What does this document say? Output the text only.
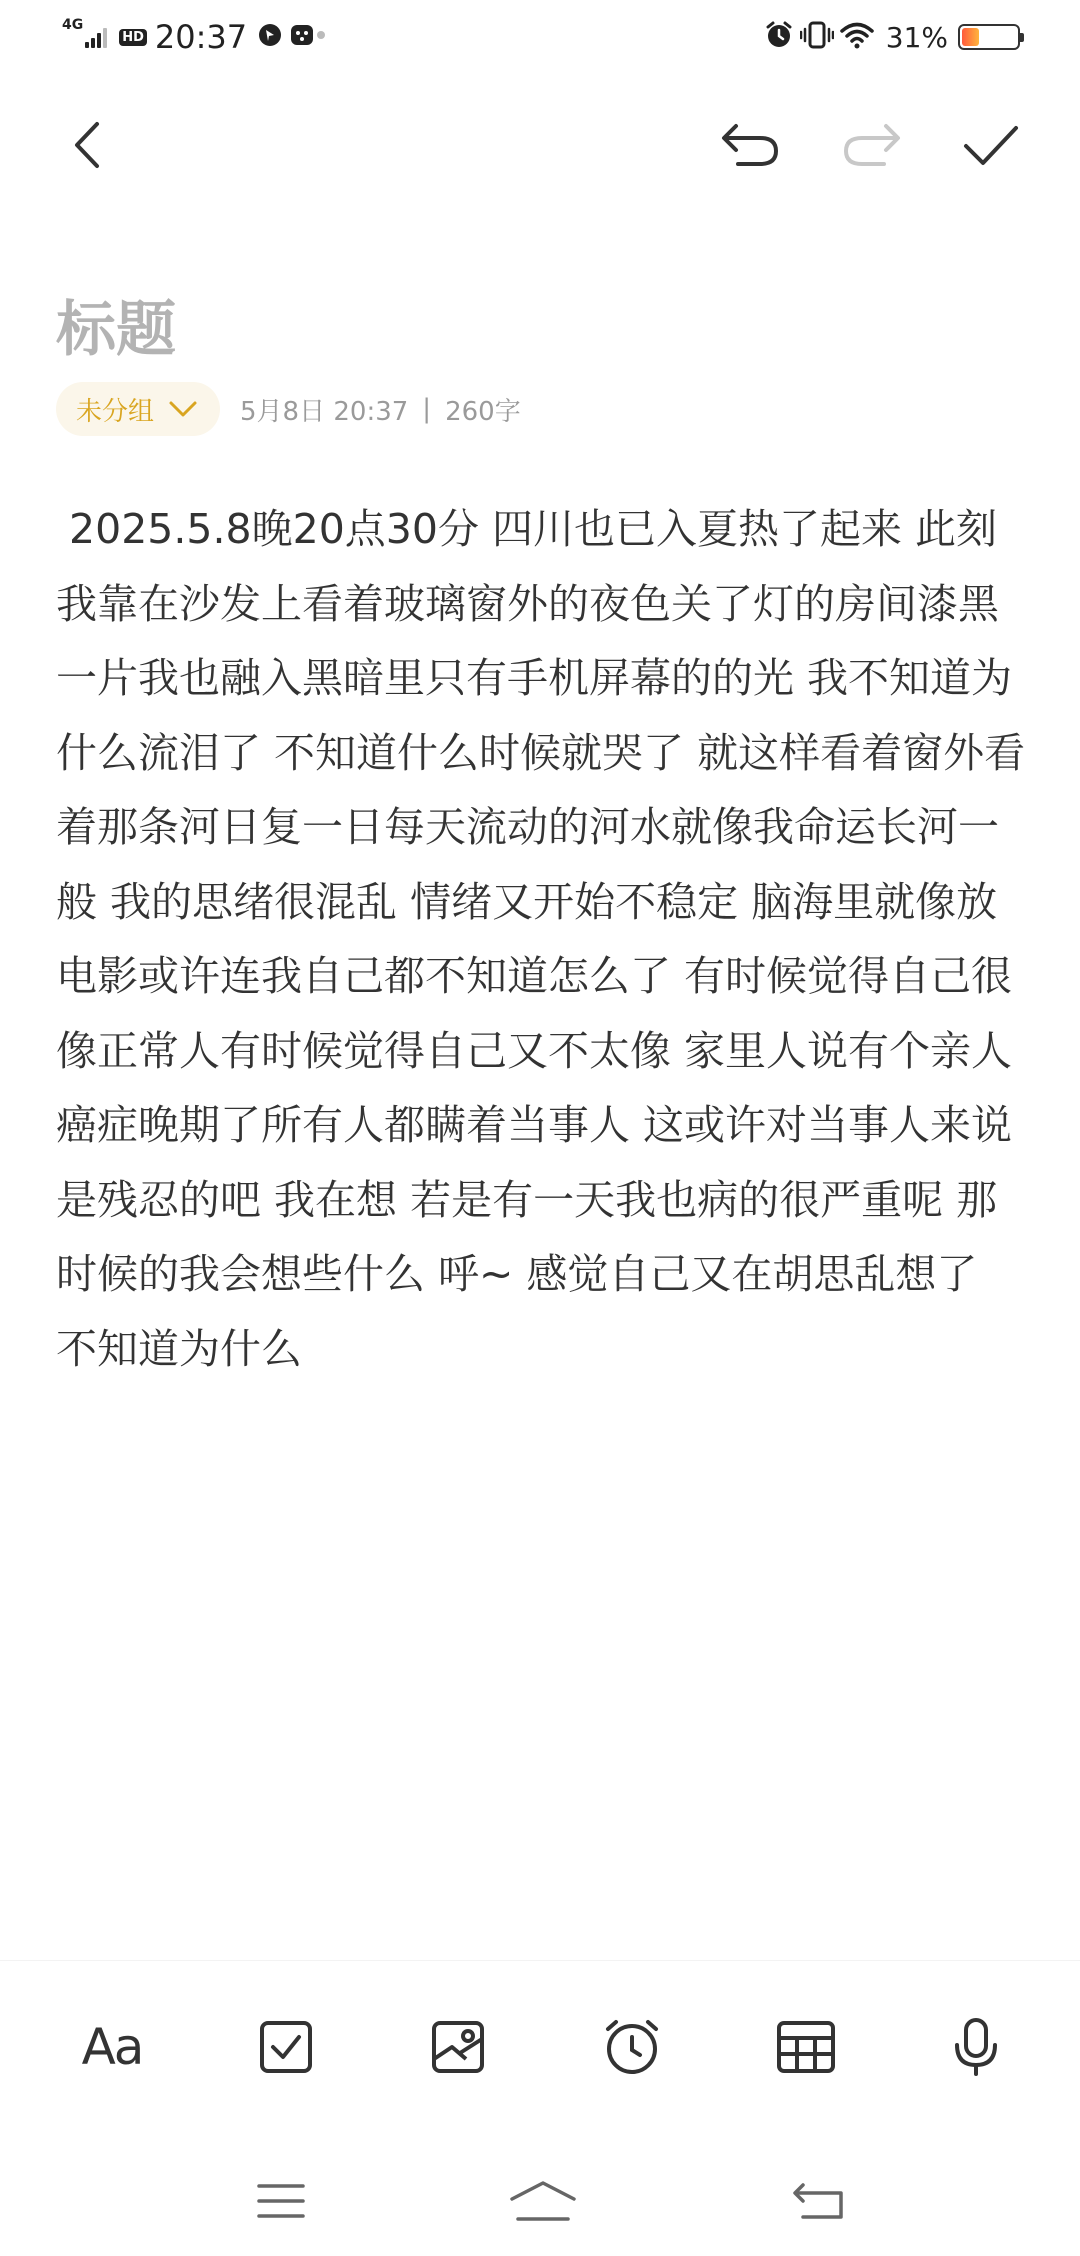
4G
HD 20:37	31%
标题
未分组	5月8日 20:37 | 260字
2025.5.8晚20点30分 四川也已入夏热了起来 此刻我靠在沙发上看着玻璃窗外的夜色关了灯的房间漆黑一片我也融入黑暗里只有手机屏幕的的光 我不知道为什么流泪了 不知道什么时候就哭了 就这样看着窗外看着那条河日复一日每天流动的河水就像我命运长河一般 我的思绪很混乱 情绪又开始不稳定 脑海里就像放电影或许连我自己都不知道怎么了 有时候觉得自己很像正常人有时候觉得自己又不太像 家里人说有个亲人癌症晚期了所有人都瞒着当事人 这或许对当事人来说是残忍的吧 我在想 若是有一天我也病的很严重呢 那时候的我会想些什么 呼~ 感觉自己又在胡思乱想了 不知道为什么
Aa
